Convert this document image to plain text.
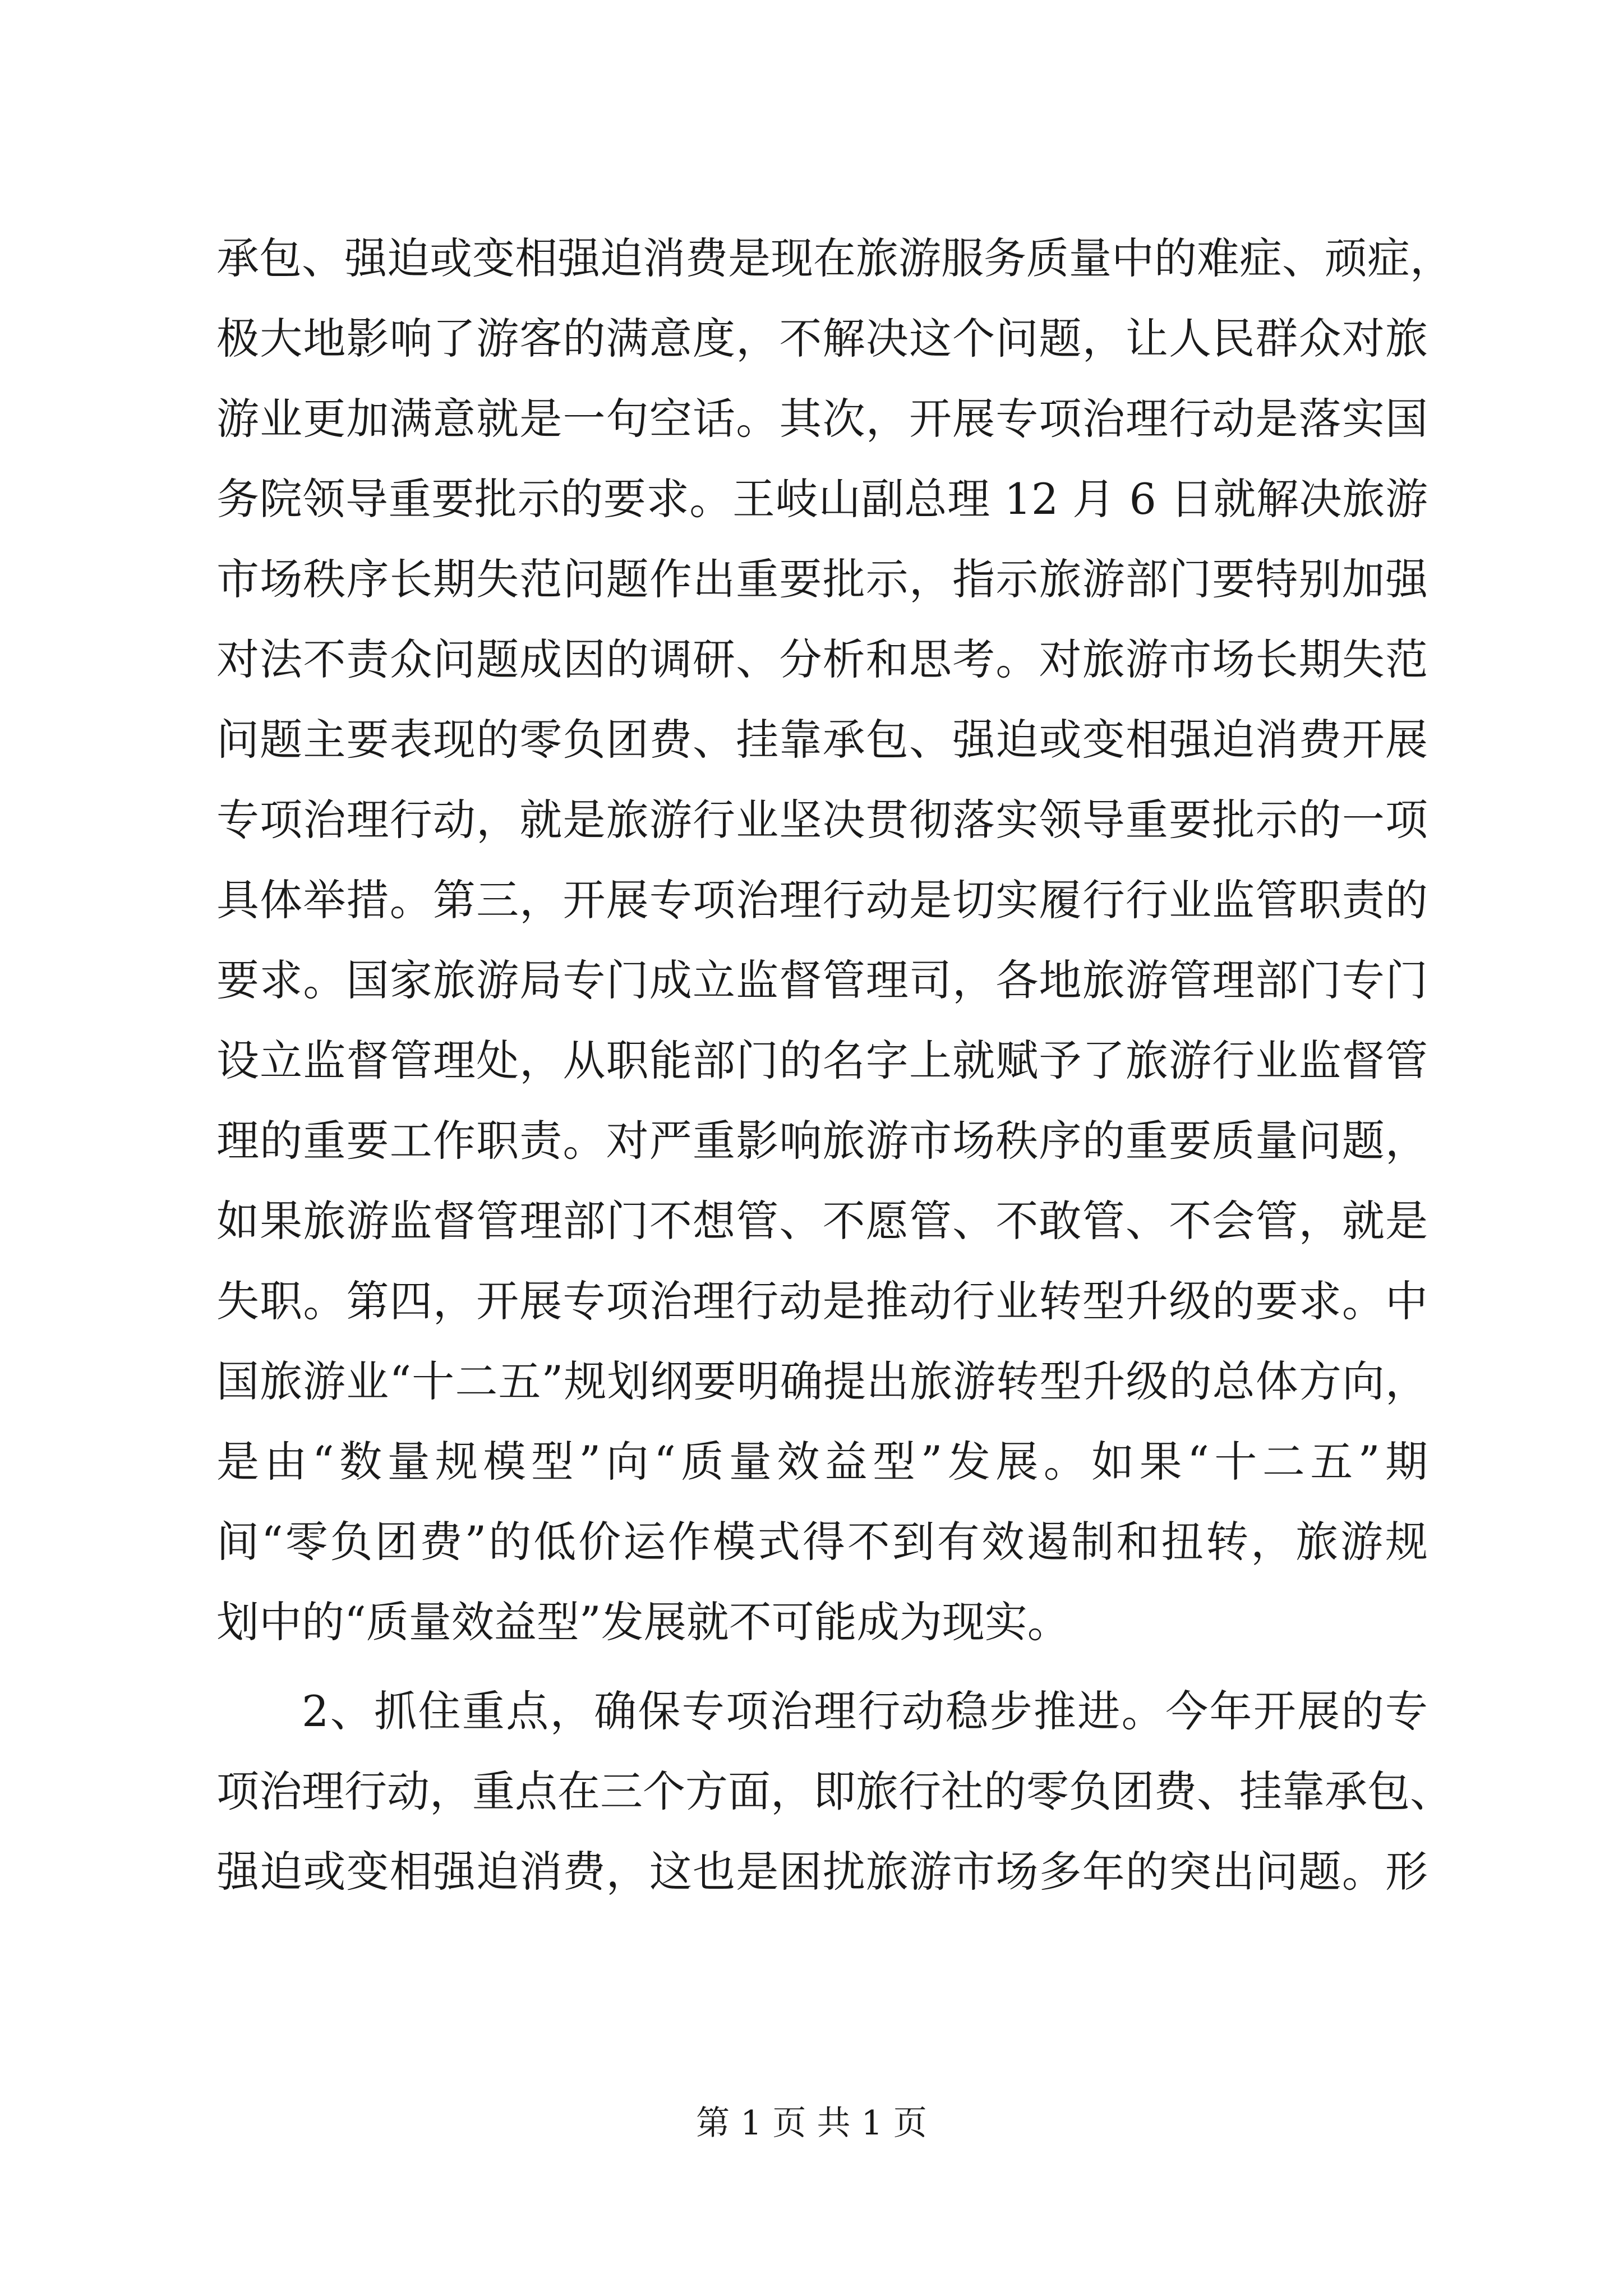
承包、强迫或变相强迫消费是现在旅游服务质量中的难症、顽症，
极大地影响了游客的满意度，不解决这个问题，让人民群众对旅
游业更加满意就是一句空话。其次，开展专项治理行动是落实国
务院领导重要批示的要求。王岐山副总理 12 月 6 日就解决旅游
市场秩序长期失范问题作出重要批示，指示旅游部门要特别加强
对法不责众问题成因的调研、分析和思考。对旅游市场长期失范
问题主要表现的零负团费、挂靠承包、强迫或变相强迫消费开展
专项治理行动，就是旅游行业坚决贯彻落实领导重要批示的一项
具体举措。第三，开展专项治理行动是切实履行行业监管职责的
要求。国家旅游局专门成立监督管理司，各地旅游管理部门专门
设立监督管理处，从职能部门的名字上就赋予了旅游行业监督管
理的重要工作职责。对严重影响旅游市场秩序的重要质量问题，
如果旅游监督管理部门不想管、不愿管、不敢管、不会管，就是
失职。第四，开展专项治理行动是推动行业转型升级的要求。中
国旅游业“十二五”规划纲要明确提出旅游转型升级的总体方向，
是由“数量规模型”向“质量效益型”发展。如果“十二五”期
间“零负团费”的低价运作模式得不到有效遏制和扭转，旅游规
划中的“质量效益型”发展就不可能成为现实。
2、抓住重点，确保专项治理行动稳步推进。今年开展的专
项治理行动，重点在三个方面，即旅行社的零负团费、挂靠承包、
强迫或变相强迫消费，这也是困扰旅游市场多年的突出问题。形
第 1 页 共 1 页
